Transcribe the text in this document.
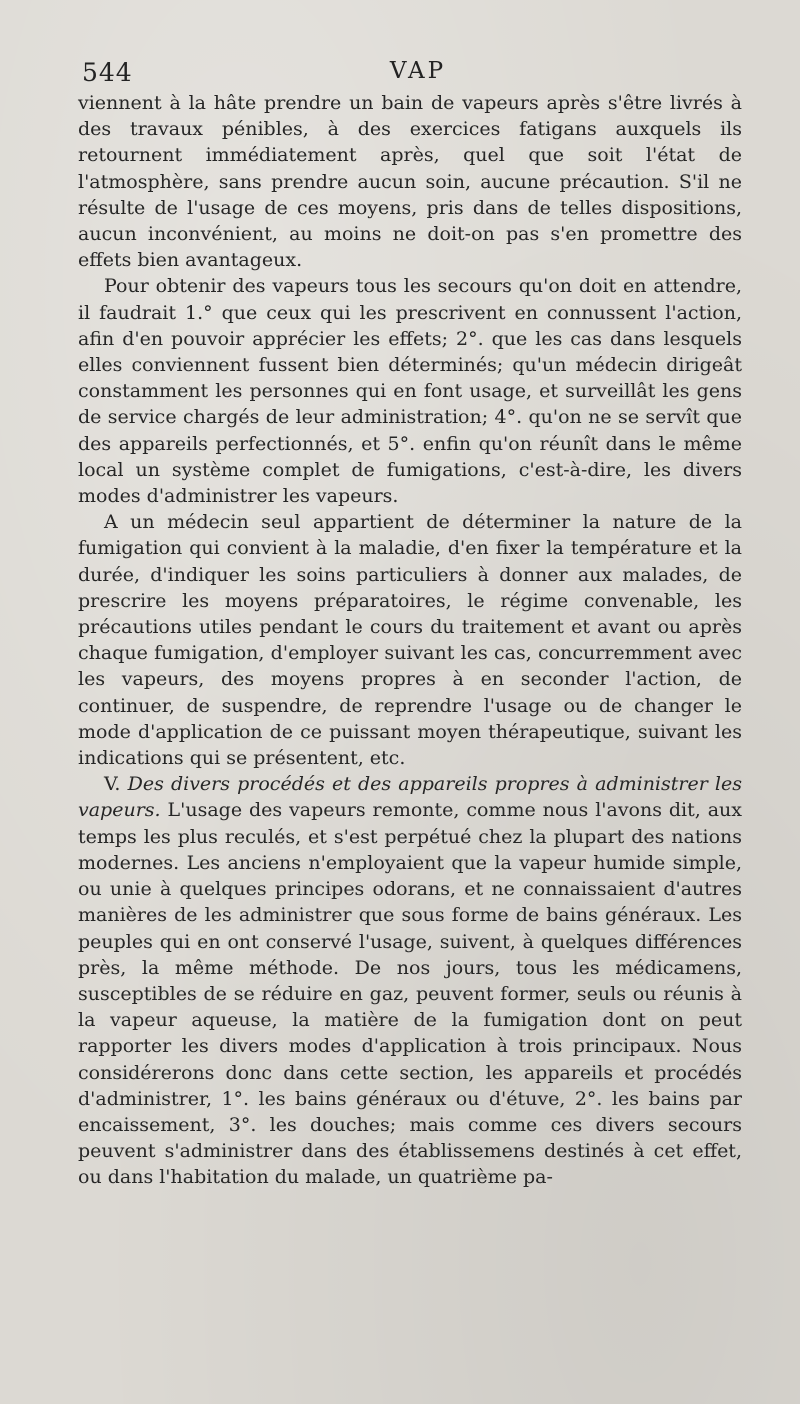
544	VAP

viennent à la hâte prendre un bain de vapeurs après s'être livrés à des travaux pénibles, à des exercices fatigans auxquels ils retournent immédiatement après, quel que soit l'état de l'atmosphère, sans prendre aucun soin, aucune précaution. S'il ne résulte de l'usage de ces moyens, pris dans de telles dispositions, aucun inconvénient, au moins ne doit-on pas s'en promettre des effets bien avantageux.

Pour obtenir des vapeurs tous les secours qu'on doit en attendre, il faudrait 1.° que ceux qui les prescrivent en connussent l'action, afin d'en pouvoir apprécier les effets; 2°. que les cas dans lesquels elles conviennent fussent bien déterminés; qu'un médecin dirigeât constamment les personnes qui en font usage, et surveillât les gens de service chargés de leur administration; 4°. qu'on ne se servît que des appareils perfectionnés, et 5°. enfin qu'on réunît dans le même local un système complet de fumigations, c'est-à-dire, les divers modes d'administrer les vapeurs.

A un médecin seul appartient de déterminer la nature de la fumigation qui convient à la maladie, d'en fixer la température et la durée, d'indiquer les soins particuliers à donner aux malades, de prescrire les moyens préparatoires, le régime convenable, les précautions utiles pendant le cours du traitement et avant ou après chaque fumigation, d'employer suivant les cas, concurremment avec les vapeurs, des moyens propres à en seconder l'action, de continuer, de suspendre, de reprendre l'usage ou de changer le mode d'application de ce puissant moyen thérapeutique, suivant les indications qui se présentent, etc.

V. Des divers procédés et des appareils propres à administrer les vapeurs. L'usage des vapeurs remonte, comme nous l'avons dit, aux temps les plus reculés, et s'est perpétué chez la plupart des nations modernes. Les anciens n'employaient que la vapeur humide simple, ou unie à quelques principes odorans, et ne connaissaient d'autres manières de les administrer que sous forme de bains généraux. Les peuples qui en ont conservé l'usage, suivent, à quelques différences près, la même méthode. De nos jours, tous les médicamens, susceptibles de se réduire en gaz, peuvent former, seuls ou réunis à la vapeur aqueuse, la matière de la fumigation dont on peut rapporter les divers modes d'application à trois principaux. Nous considérerons donc dans cette section, les appareils et procédés d'administrer, 1°. les bains généraux ou d'étuve, 2°. les bains par encaissement, 3°. les douches; mais comme ces divers secours peuvent s'administrer dans des établissemens destinés à cet effet, ou dans l'habitation du malade, un quatrième pa-
